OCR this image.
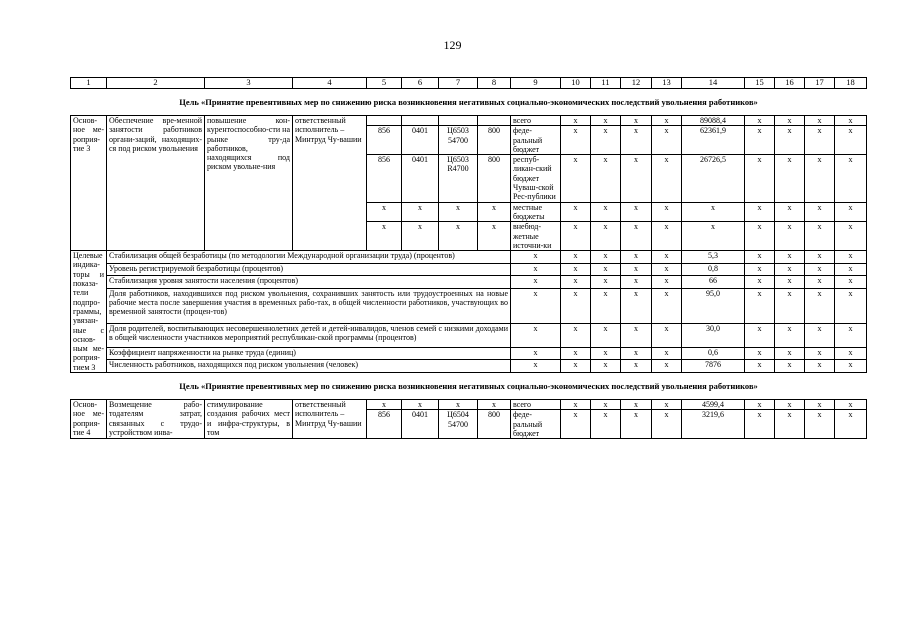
129
1	2	3	4	5	6	7	8	9	10	11	12	13	14	15	16	17	18
Цель «Принятие превентивных мер по снижению риска возникновения негативных социально-экономических последствий увольнения работников»																	
Основ-ное ме-роприя-тие 3	Обеспечение вре-менной занятости работников органи-заций, находящих-ся под риском увольнения	повышение кон-курентоспособно-сти на рынке тру-да работников, находящихся под риском увольне-ния	ответственный исполнитель – Минтруд Чу-вашии					всего	x	x	x	x	89088,4	x	x	x	x
				856	0401	Ц6503 54700	800	феде-ральный бюджет	x	x	x	x	62361,9	x	x	x	x
				856	0401	Ц6503 R4700	800	респуб-ликан-ский бюджет Чуваш-ской Рес-публики	x	x	x	x	26726,5	x	x	x	x
				x	x	x	x	местные бюджеты	x	x	x	x	x	x	x	x	x
				x	x	x	x	внебюд-жетные источни-ки	x	x	x	x	x	x	x	x	x
Целевые индика-торы и показа-тели подпро-граммы, увязан-ные с основ-ным ме-роприя-тием 3	Стабилизация общей безработицы (по методологии Международной организации труда) (процентов)							x	x	x	x	x	5,3	x	x	x	x
	Уровень регистрируемой безработицы (процентов)							x	x	x	x	x	0,8	x	x	x	x
	Стабилизация уровня занятости населения (процентов)							x	x	x	x	x	66	x	x	x	x
	Доля работников, находившихся под риском увольнения, сохранивших занятость или трудоустроенных на новые рабочие места после завершения участия в временных рабо-тах, в общей численности работников, участвующих во временной занятости (процен-тов)							x	x	x	x	x	95,0	x	x	x	x
	Доля родителей, воспитывающих несовершеннолетних детей и детей-инвалидов, членов семей с низкими доходами в общей численности участников мероприятий республикан-ской программы (процентов)							x	x	x	x	x	30,0	x	x	x	x
	Коэффициент напряженности на рынке труда (единиц)							x	x	x	x	x	0,6	x	x	x	x
	Численность работников, находящихся под риском увольнения (человек)							x	x	x	x	x	7876	x	x	x	x
Цель «Принятие превентивных мер по снижению риска возникновения негативных социально-экономических последствий увольнения работников»																	
Основ-ное ме-роприя-тие 4	Возмещение рабо-тодателям затрат, связанных с трудо-устройством инва-	стимулирование создания рабочих мест и инфра-структуры, в том	ответственный исполнитель – Минтруд Чу-вашии	x	x	x	x	всего	x	x	x	x	4599,4	x	x	x	x
				856	0401	Ц6504 54700	800	феде-ральный бюджет	x	x	x	x	3219,6	x	x	x	x
